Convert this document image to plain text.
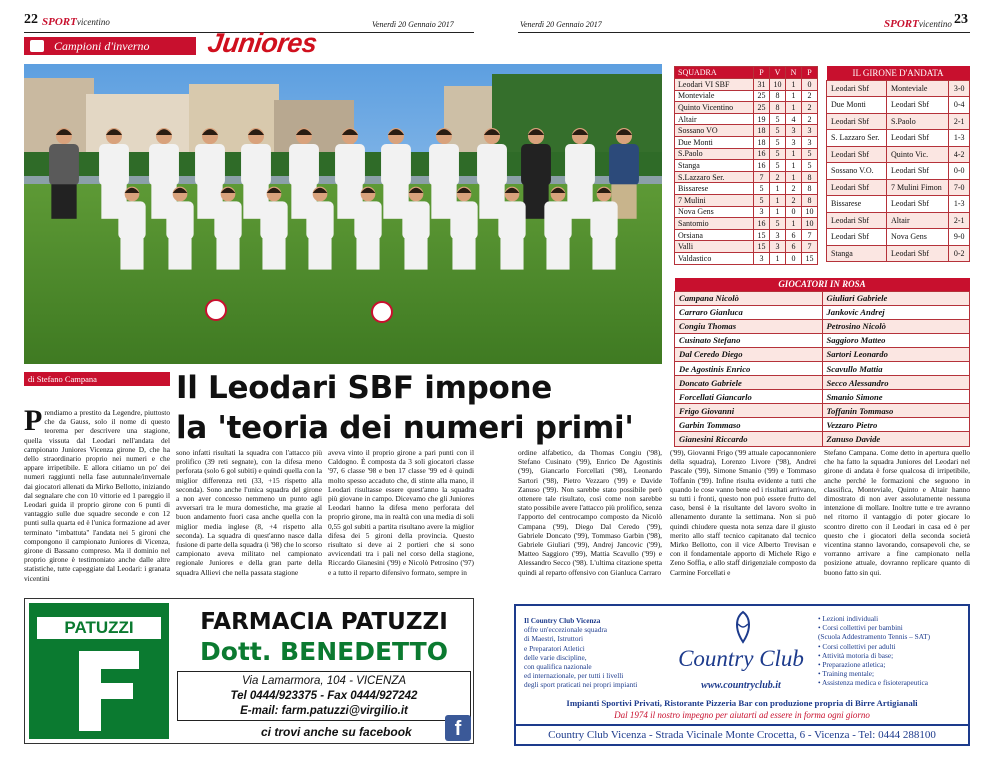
22 SPORTvicentino	Venerdì 20 Gennaio 2017	Venerdì 20 Gennaio 2017	SPORTvicentino 23
Campioni d'inverno	Juniores
SQUADRA	P	V	N	P
Leodari VI SBF	31	10	1	0
Monteviale	25	8	1	2
Quinto Vicentino	25	8	1	2
Altair	19	5	4	2
Sossano VO	18	5	3	3
Due Monti	18	5	3	3
S.Paolo	16	5	1	5
Stanga	16	5	1	5
S.Lazzaro Ser.	7	2	1	8
Bissarese	5	1	2	8
7 Mulini	5	1	2	8
Nova Gens	3	1	0	10
Santomio	16	5	1	10
Orsiana	15	3	6	7
Valli	15	3	6	7
Valdastico	3	1	0	15
IL GIRONE D'ANDATA		
Leodari Sbf	Monteviale	3-0
Due Monti	Leodari Sbf	0-4
Leodari Sbf	S.Paolo	2-1
S. Lazzaro Ser.	Leodari Sbf	1-3
Leodari Sbf	Quinto Vic.	4-2
Sossano V.O.	Leodari Sbf	0-0
Leodari Sbf	7 Mulini Fimon	7-0
Bissarese	Leodari Sbf	1-3
Leodari Sbf	Altair	2-1
Leodari Sbf	Nova Gens	9-0
Stanga	Leodari Sbf	0-2
GIOCATORI IN ROSA	
Campana Nicolò	Giuliari Gabriele
Carraro Gianluca	Jankovic Andrej
Congiu Thomas	Petrosino Nicolò
Cusinato Stefano	Saggioro Matteo
Dal Ceredo Diego	Sartori Leonardo
De Agostinis Enrico	Scavullo Mattia
Doncato Gabriele	Secco Alessandro
Forcellati Giancarlo	Smanio Simone
Frigo Giovanni	Toffanin Tommaso
Garbin Tommaso	Vezzaro Pietro
Gianesini Riccardo	Zanuso Davide
di Stefano Campana	Il Leodari SBF impone
la 'teoria dei numeri primi'
Prendiamo a prestito da Legendre, piuttosto che da Gauss, solo il nome di questo teorema per descrivere una stagione, quella vissuta dal Leodari nell'andata del campionato Juniores Vicenza girone D, che ha dello straordinario proprio nei numeri e che appare irripetibile. E allora citiamo un po' dei numeri raggiunti nella fase autunnale/invernale dai giocatori allenati da Mirko Bellotto, iniziando dal segnalare che con 10 vittorie ed 1 pareggio il Leodari guida il proprio girone con 6 punti di vantaggio sulle due squadre seconde e con 12 punti sulla quarta ed è l'unica formazione ad aver terminato "imbattuta" l'andata nei 5 gironi che compongono il campionato Juniores di Vicenza, girone di Bassano compreso. Ma il dominio nel proprio girone è testimoniato anche dalle altre statistiche, tutte capeggiate dal Leodari: i granata vicentini
sono infatti risultati la squadra con l'attacco più prolifico (39 reti segnate), con la difesa meno perforata (solo 6 gol subiti) e quindi quella con la miglior differenza reti (33, +15 rispetto alla seconda). Sono anche l'unica squadra del girone a non aver concesso nemmeno un punto agli avversari tra le mura domestiche, ma grazie al buon andamento fuori casa anche quella con la miglior media inglese (8, +4 rispetto alla seconda). La squadra di quest'anno nasce dalla fusione di parte della squadra (i '98) che lo scorso campionato aveva militato nel campionato regionale Juniores e della gran parte della squadra Allievi che nella passata stagione
aveva vinto il proprio girone a pari punti con il Caldogno. È composta da 3 soli giocatori classe '97, 6 classe '98 e ben 17 classe '99 ed è quindi molto spesso accaduto che, di stinte alla mano, il Leodari risultasse essere quest'anno la squadra più giovane in campo. Dicevamo che gli Juniores Leodari hanno la difesa meno perforata del proprio girone, ma in realtà con una media di soli 0,55 gol subiti a partita risultano avere la miglior difesa dei 5 gironi della provincia. Questo risultato si deve ai 2 portieri che si sono avvicendati tra i pali nel corso della stagione, Riccardo Gianesini ('99) e Nicolò Petrosino ('97) e a tutto il reparto difensivo formato, sempre in
ordine alfabetico, da Thomas Congiu ('98), Stefano Cusinato ('99), Enrico De Agostinis ('99), Giancarlo Forcellati ('98), Leonardo Sartori ('98), Pietro Vezzaro ('99) e Davide Zanuso ('99). Non sarebbe stato possibile però ottenere tale risultato, così come non sarebbe stato possibile avere l'attacco più prolifico, senza l'apporto del centrocampo composto da Nicolò Campana ('99), Diego Dal Ceredo ('99), Gabriele Doncato ('99), Tommaso Garbin ('98), Gabriele Giuliari ('99), Andrej Jancovic ('99), Matteo Saggioro ('99), Mattia Scavullo ('99) e Alessandro Secco ('98). L'ultima citazione spetta quindi al reparto offensivo con Gianluca Carraro
('99), Giovanni Frigo ('99 attuale capocannoniere della squadra), Lorenzo Livore ('98), Andrei Pascale ('99), Simone Smanio ('99) e Tommaso Toffanin ('99). Infine risulta evidente a tutti che quando le cose vanno bene ed i risultati arrivano, su tutti i fronti, questo non può essere frutto del caso, bensì è la risultante del lavoro svolto in allenamento durante la settimana. Non si può quindi chiudere questa nota senza dare il giusto merito allo staff tecnico capitanato dal tecnico Mirko Bellotto, con il vice Alberto Trevisan e con il fondamentale apporto di Michele Rigo e Zeno Soffia, e allo staff dirigenziale composto da Carmine Forcellati e
Stefano Campana. Come detto in apertura quello che ha fatto la squadra Juniores del Leodari nel girone di andata è forse qualcosa di irripetibile, anche perché le formazioni che seguono in classifica, Monteviale, Quinto e Altair hanno dimostrato di non aver assolutamente nessuna intenzione di mollare. Inoltre tutte e tre avranno nel ritorno il vantaggio di poter giocare lo scontro diretto con il Leodari in casa ed è per questo che i giocatori della seconda società vicentina stanno lavorando, consapevoli che, se vorranno arrivare a fine campionato nella posizione attuale, dovranno replicare quanto di buono fatto sin qui.
PATUZZI	FARMACIA PATUZZI
Dott. BENEDETTO
Via Lamarmora, 104 - VICENZA
Tel 0444/923375 - Fax 0444/927242
E-mail: farm.patuzzi@virgilio.it
ci trovi anche su facebook	f
Il Country Club Vicenza
offre un'eccezionale squadra
di Maestri, Istruttori
e Preparatori Atletici
delle varie discipline,
con qualifica nazionale
ed internazionale, per tutti i livelli
degli sport praticati nei propri impianti
Country Club
www.countryclub.it
• Lezioni individuali
• Corsi collettivi per bambini
(Scuola Addestramento Tennis – SAT)
• Corsi collettivi per adulti
• Attività motoria di base;
• Preparazione atletica;
• Training mentale;
• Assistenza medica e fisioterapeutica
Impianti Sportivi Privati, Ristorante Pizzeria Bar con produzione propria di Birre Artigianali
Dal 1974 il nostro impegno per aiutarti ad essere in forma ogni giorno
Country Club Vicenza - Strada Vicinale Monte Crocetta, 6 - Vicenza - Tel: 0444 288100
